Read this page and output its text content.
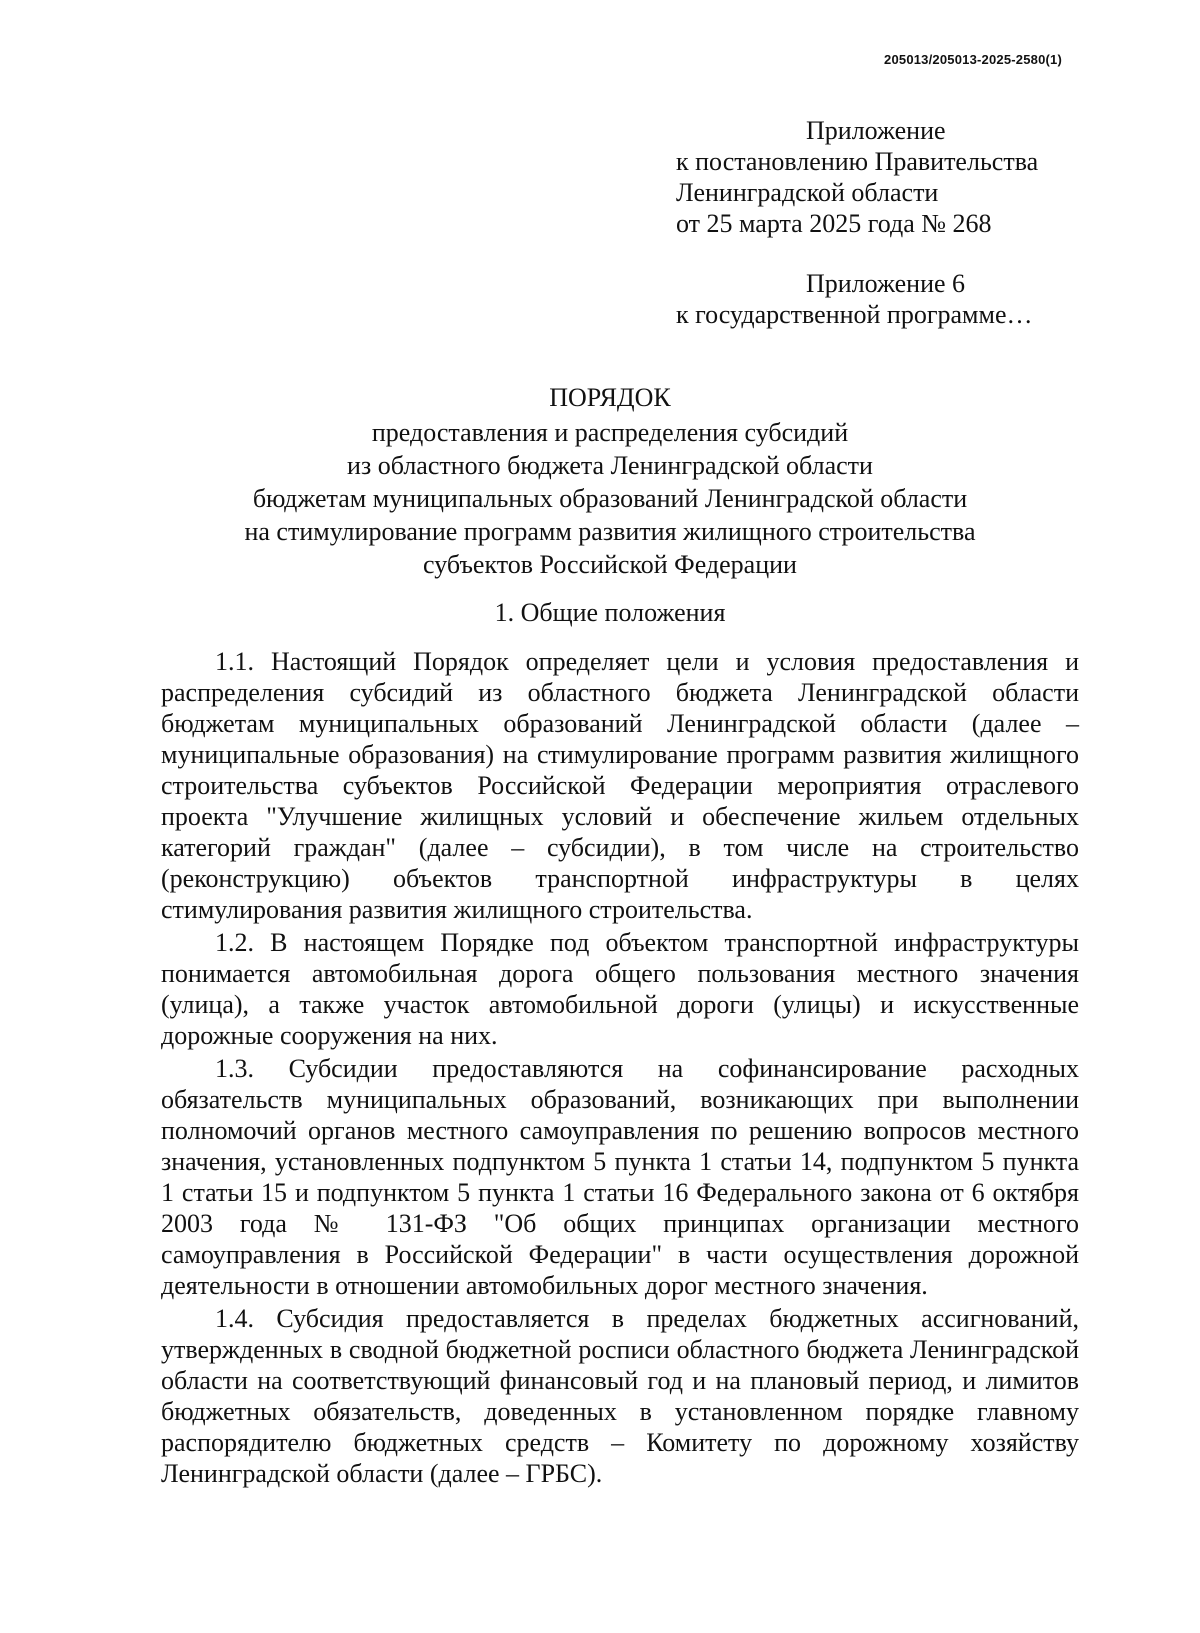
205013/205013-2025-2580(1)
Приложение
к постановлению Правительства
Ленинградской области
от 25 марта 2025 года № 268
Приложение 6
к государственной программе…
ПОРЯДОК
предоставления и распределения субсидий
из областного бюджета Ленинградской области
бюджетам муниципальных образований Ленинградской области
на стимулирование программ развития жилищного строительства
субъектов Российской Федерации
1. Общие положения

1.1. Настоящий Порядок определяет цели и условия предоставления и распределения субсидий из областного бюджета Ленинградской области бюджетам муниципальных образований Ленинградской области (далее – муниципальные образования) на стимулирование программ развития жилищного строительства субъектов Российской Федерации мероприятия отраслевого проекта "Улучшение жилищных условий и обеспечение жильем отдельных категорий граждан" (далее – субсидии), в том числе на строительство (реконструкцию) объектов транспортной инфраструктуры в целях стимулирования развития жилищного строительства.

1.2. В настоящем Порядке под объектом транспортной инфраструктуры понимается автомобильная дорога общего пользования местного значения (улица), а также участок автомобильной дороги (улицы) и искусственные дорожные сооружения на них.

1.3. Субсидии предоставляются на софинансирование расходных обязательств муниципальных образований, возникающих при выполнении полномочий органов местного самоуправления по решению вопросов местного значения, установленных подпунктом 5 пункта 1 статьи 14, подпунктом 5 пункта 1 статьи 15 и подпунктом 5 пункта 1 статьи 16 Федерального закона от 6 октября 2003 года № 131-ФЗ "Об общих принципах организации местного самоуправления в Российской Федерации" в части осуществления дорожной деятельности в отношении автомобильных дорог местного значения.

1.4. Субсидия предоставляется в пределах бюджетных ассигнований, утвержденных в сводной бюджетной росписи областного бюджета Ленинградской области на соответствующий финансовый год и на плановый период, и лимитов бюджетных обязательств, доведенных в установленном порядке главному распорядителю бюджетных средств – Комитету по дорожному хозяйству Ленинградской области (далее – ГРБС).
